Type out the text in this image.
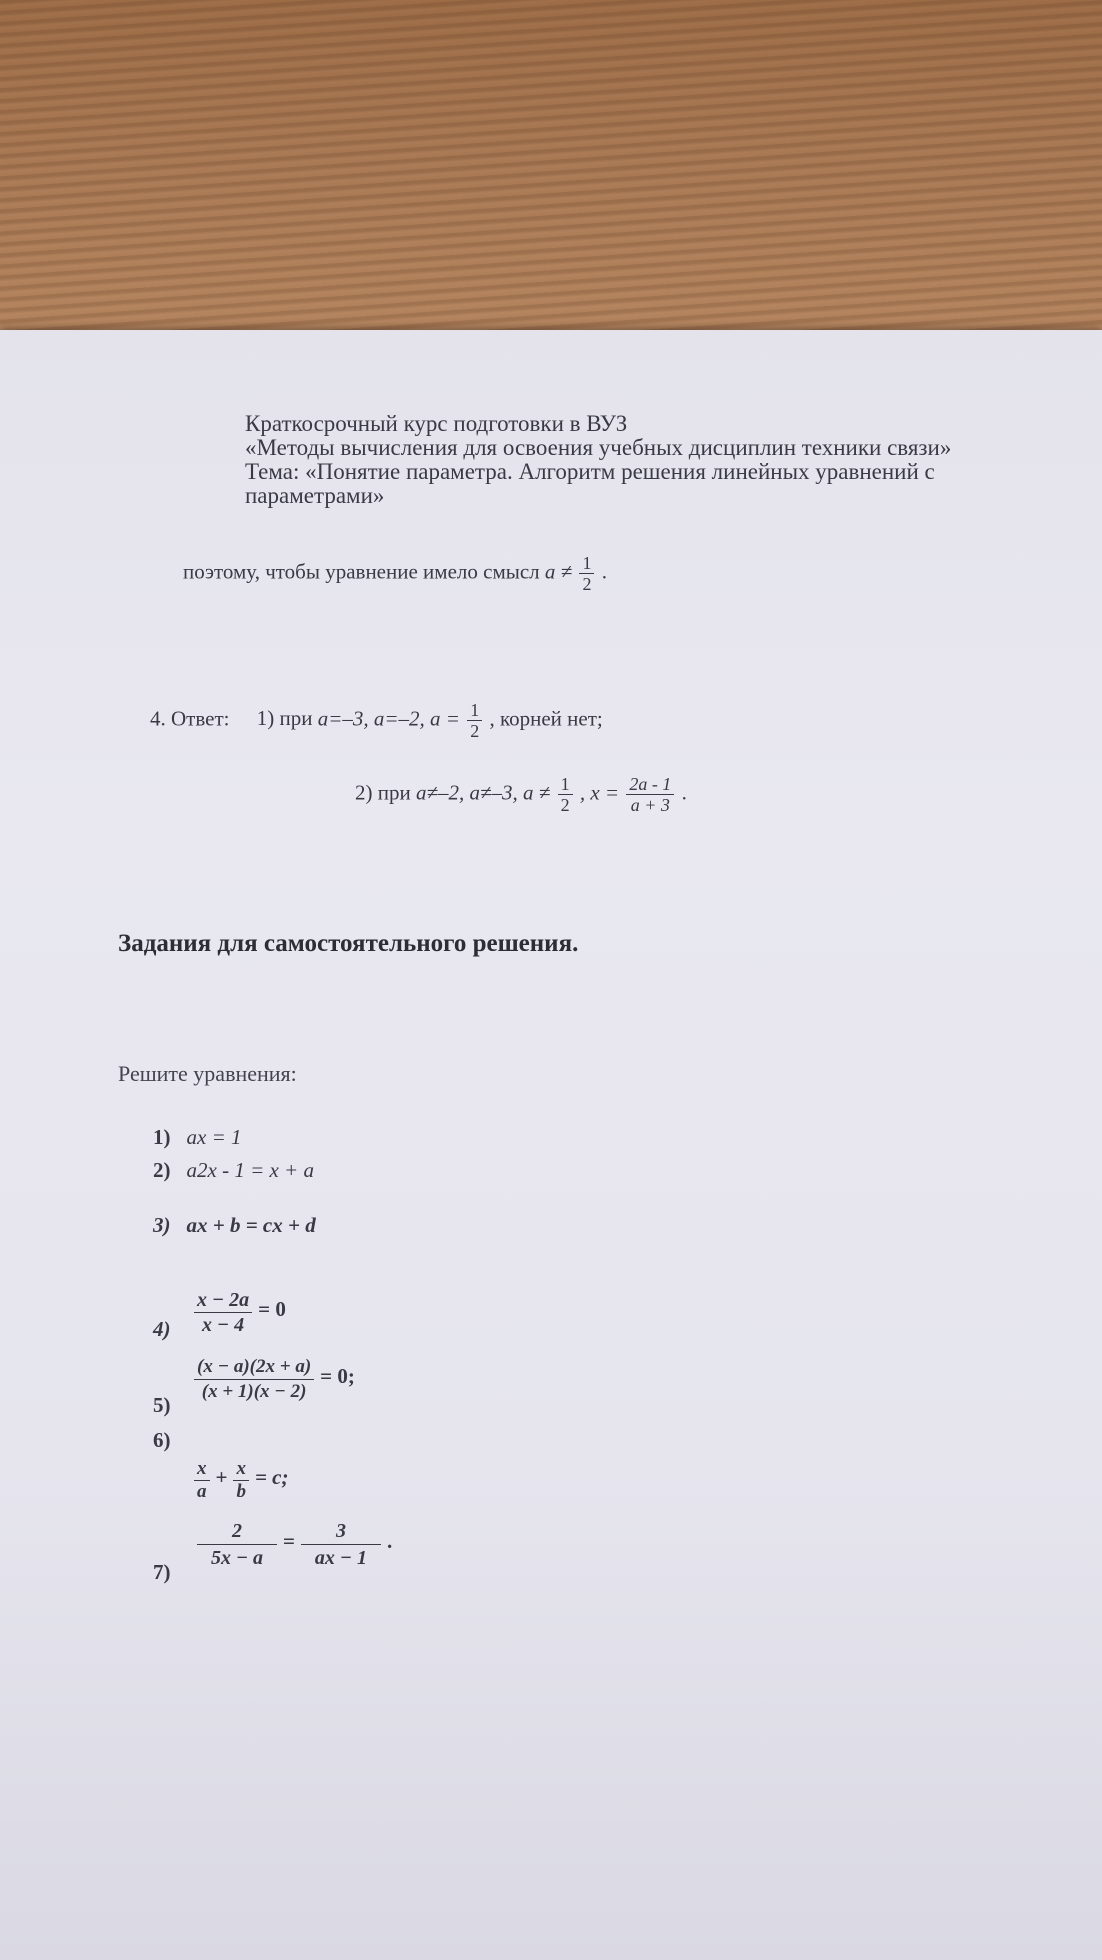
Краткосрочный курс подготовки в ВУЗ
«Методы вычисления для освоения учебных дисциплин техники связи»
Тема: «Понятие параметра. Алгоритм решения линейных уравнений с
параметрами»
поэтому, чтобы уравнение имело смысл $a \ne \frac{1}{2}$ .
4. Ответ: 1) при a=–3, a=–2, $a = \frac{1}{2}$ , корней нет;
2) при a≠–2, a≠–3, $a \ne \frac{1}{2}$ , $x = \frac{2a - 1}{a + 3}$ .
Задания для самостоятельного решения.
Решите уравнения:
1) ax = 1
2) a2x - 1 = x + a
3) ax + b = cx + d
$4) \frac{x - 2a}{x - 4} = 0$
5)
$\frac{(x - a)(2x + a)}{(x + 1)(x - 2)} = 0$;
6)
$\frac{x}{a} + \frac{x}{b} = c$;
7)
$\frac{2}{5x - a} = \frac{3}{ax - 1}$ .
